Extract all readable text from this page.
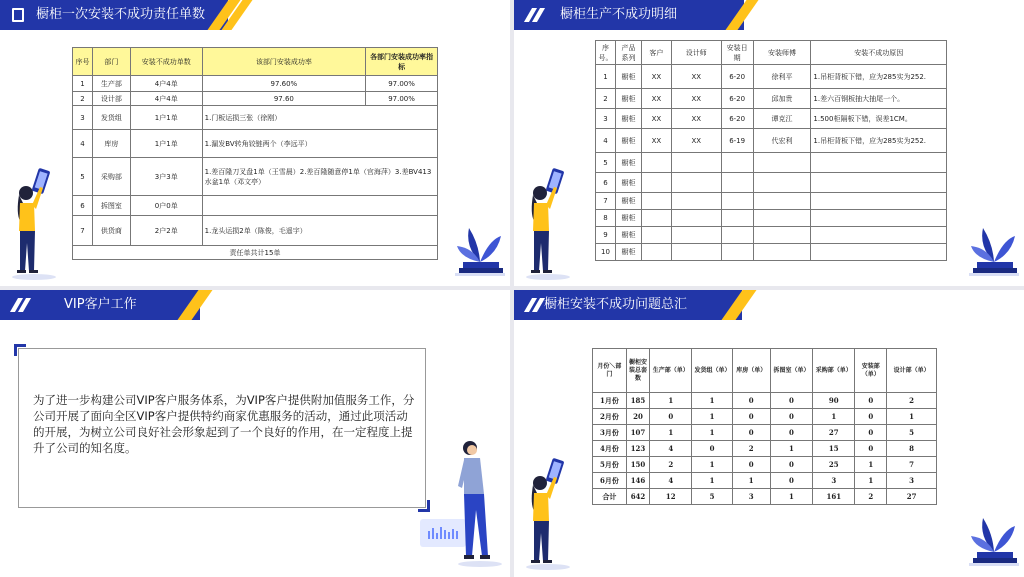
橱柜一次安装不成功责任单数
序号	部门	安装不成功单数	该部门安装成功率	各部门安装成功率指标
1	生产部	4户4单	97.60%	97.00%
2	设计部	4户4单	97.60	97.00%
3	发货组	1户1单	1.门板运损三张（徐刚）	
4	库房	1户1单	1.漏发BV转角铰链两个（李远平）	
5	采购部	3户3单	1.差百隆刀叉盘1单（王雪晨）2.差百隆随意停1单（官海萍）3.差BV413水盆1单（邓文亭）	
6	拆图室	0户0单		
7	供货商	2户2单	1.龙头运损2单（陈俊，毛遥宇）	
责任单共计15单				
橱柜生产不成功明细
序号。	产品系列	客户	设计师	安装日期	安装师傅	安装不成功原因
1	橱柜	XX	XX	6-20	徐利平	1.吊柜背板下错，应为285实为252.
2	橱柜	XX	XX	6-20	邱加贵	1.差六百钢板抽大抽尾一个。
3	橱柜	XX	XX	6-20	谭克江	1.500柜隔板下错，误差1CM。
4	橱柜	XX	XX	6-19	代宏利	1.吊柜背板下错，应为285实为252.
5	橱柜					
6	橱柜					
7	橱柜					
8	橱柜					
9	橱柜					
10	橱柜					
VIP客户工作
为了进一步构建公司VIP客户服务体系，为VIP客户提供附加值服务工作，分公司开展了面向全区VIP客户提供特约商家优惠服务的活动，通过此项活动的开展，为树立公司良好社会形象起到了一个良好的作用，在一定程度上提升了公司的知名度。
橱柜安装不成功问题总汇
月份＼部门	橱柜安装总套数	生产部（单）	发货组（单）	库房（单）	拆图室（单）	采购部（单）	安装部（单）	设计部（单）
1月份	185	1	1	0	0	90	0	2
2月份	20	0	1	0	0	1	0	1
3月份	107	1	1	0	0	27	0	5
4月份	123	4	0	2	1	15	0	8
5月份	150	2	1	0	0	25	1	7
6月份	146	4	1	1	0	3	1	3
合计	642	12	5	3	1	161	2	27
